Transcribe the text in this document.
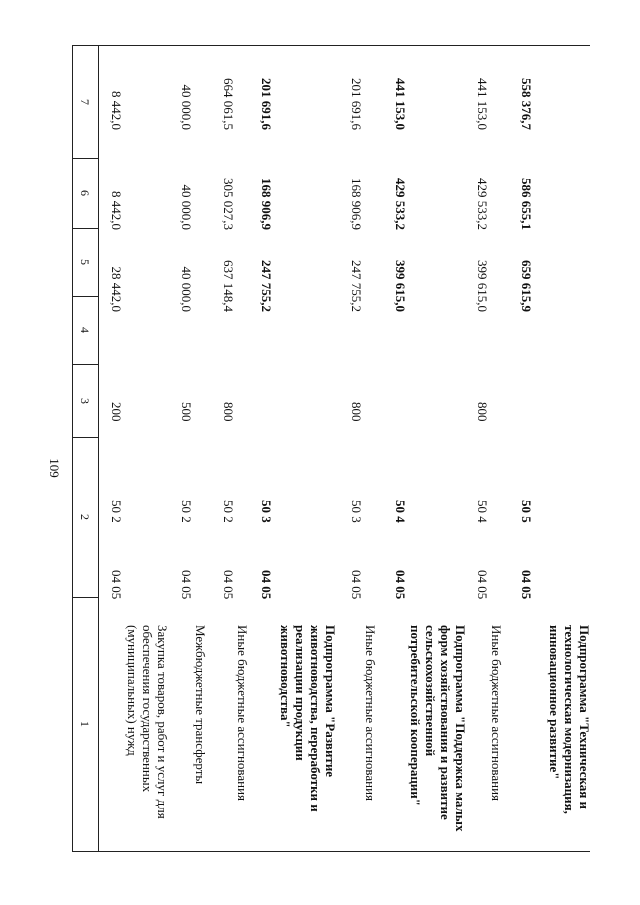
109
7
6
5
4
3
2
1	Закупка товаров, работ и услуг для обеспечения государственных (муниципальных) нужд
04 05
50 2
200
28 442,0
8 442,0
8 442,0
Межбюджетные трансферты
04 05
50 2
500
40 000,0
40 000,0
40 000,0
Иные бюджетные ассигнования
04 05
50 2
800
637 148,4
305 027,3
664 061,5
Подпрограмма "Развитие животноводства, переработки и реализации продукции животноводства"
04 05
50 3
247 755,2
168 906,9
201 691,6
Иные бюджетные ассигнования
04 05
50 3
800
247 755,2
168 906,9
201 691,6
Подпрограмма "Поддержка малых форм хозяйствования и развитие сельскохозяйственной потребительской кооперации"
04 05
50 4
399 615,0
429 533,2
441 153,0
Иные бюджетные ассигнования
04 05
50 4
800
399 615,0
429 533,2
441 153,0
Подпрограмма "Техническая и технологическая модернизация, инновационное развитие"
04 05
50 5
659 615,9
586 655,1
558 376,7
